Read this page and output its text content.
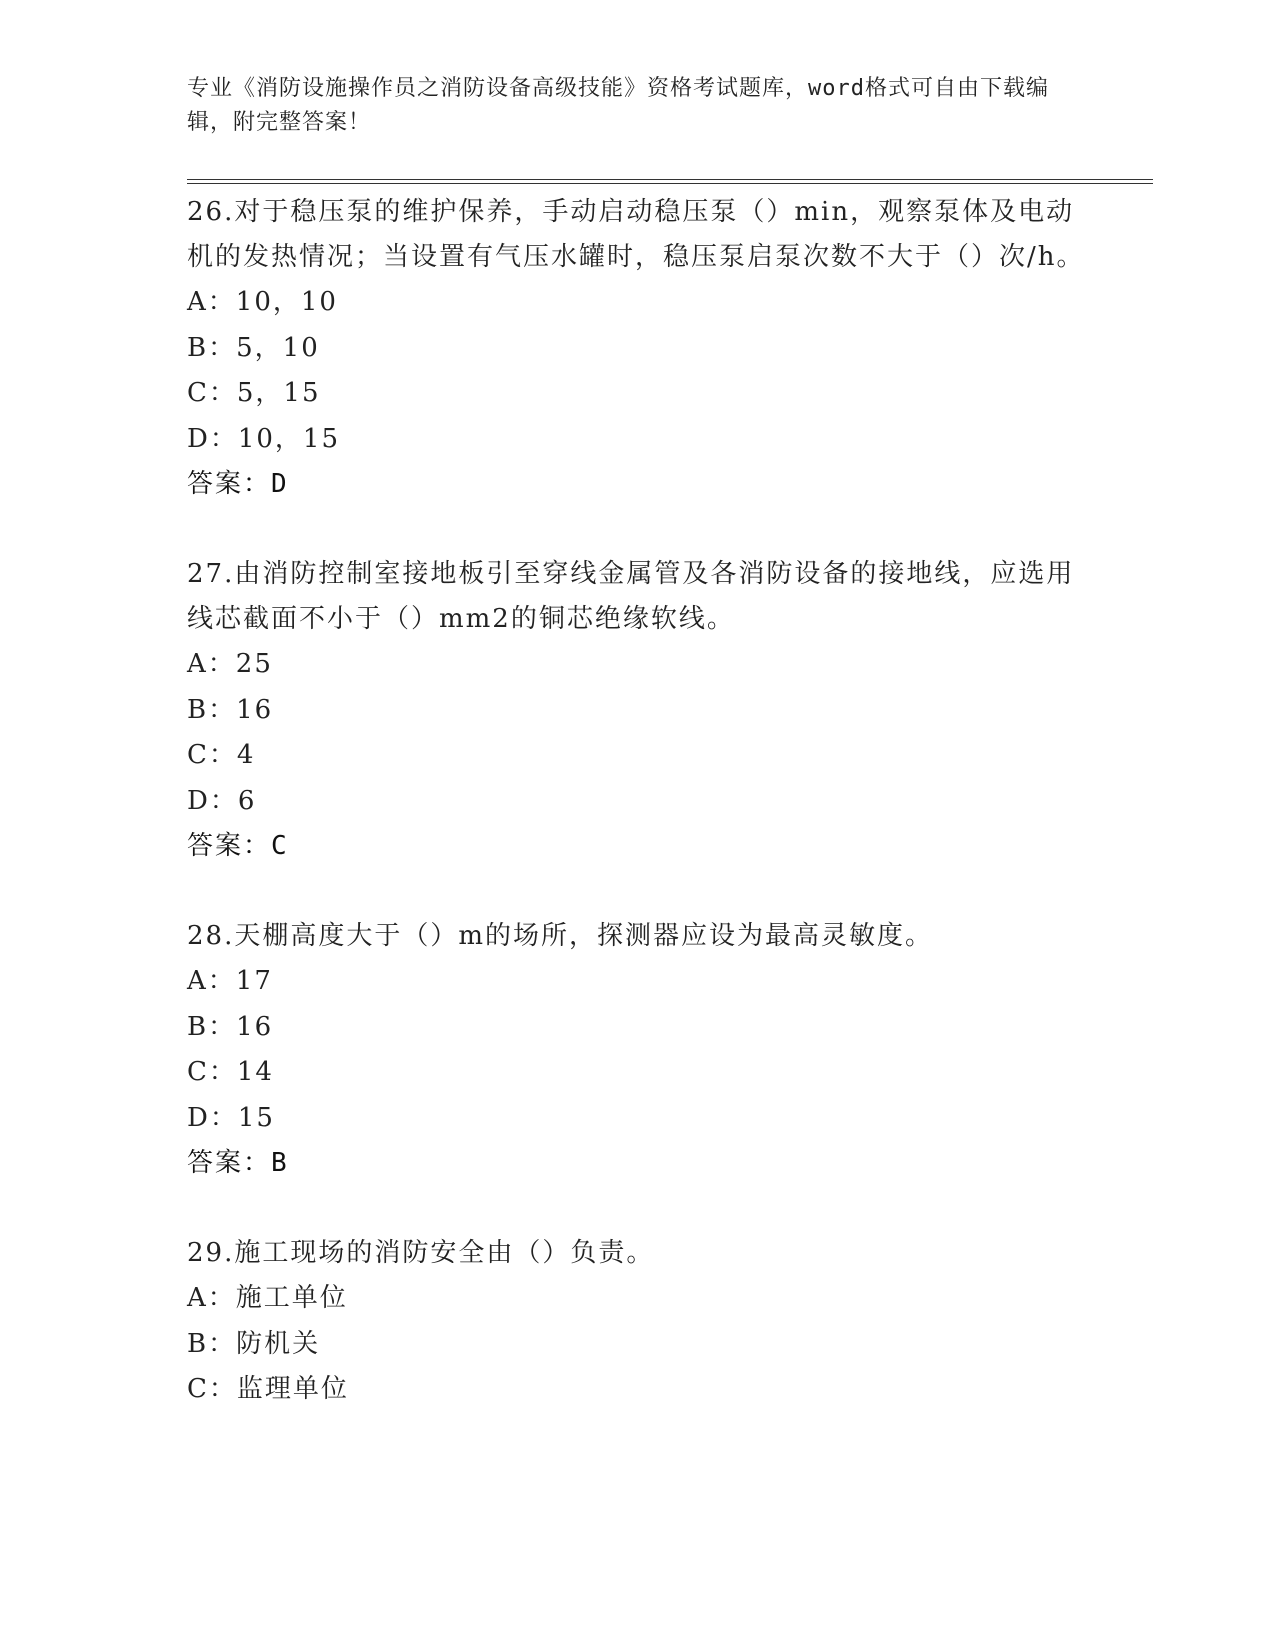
专业《消防设施操作员之消防设备高级技能》资格考试题库，word格式可自由下载编辑，附完整答案！

26.对于稳压泵的维护保养，手动启动稳压泵（）min，观察泵体及电动机的发热情况；当设置有气压水罐时，稳压泵启泵次数不大于（）次/h。

A：10，10

B：5，10

C：5，15

D：10，15

答案：D

27.由消防控制室接地板引至穿线金属管及各消防设备的接地线，应选用线芯截面不小于（）mm2的铜芯绝缘软线。

A：25

B：16

C：4

D：6

答案：C

28.天棚高度大于（）m的场所，探测器应设为最高灵敏度。

A：17

B：16

C：14

D：15

答案：B

29.施工现场的消防安全由（）负责。

A：施工单位

B：防机关

C：监理单位
